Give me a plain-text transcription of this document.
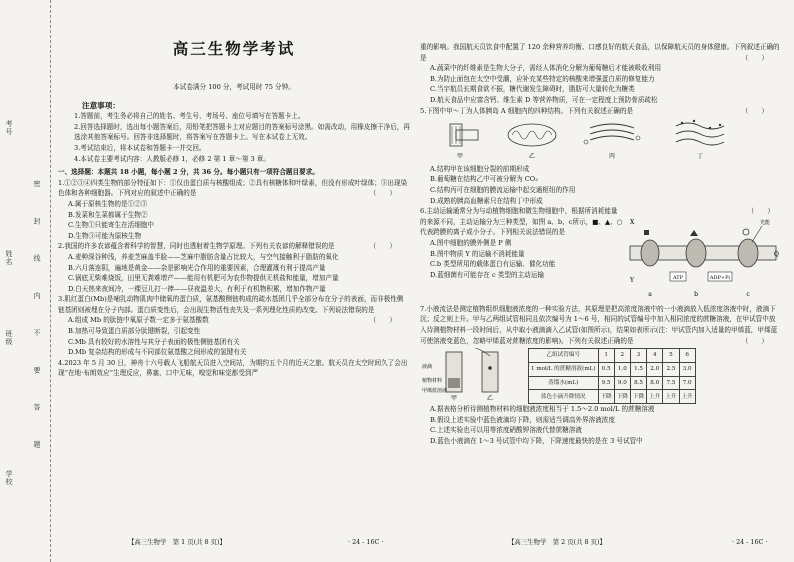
考号
姓名
班级
学校
密 封 线 内 不 要 答 题
高三生物学考试
本试卷满分 100 分，考试用时 75 分钟。
注意事项：

1.答题前，考生务必将自己的姓名、考生号、考场号、座位号填写在答题卡上。

2.回答选择题时，选出每小题答案后，用铅笔把答题卡上对应题目的答案标号涂黑。如需改动，用橡皮擦干净后，再选涂其他答案标号。回答非选择题时，将答案写在答题卡上。写在本试卷上无效。

3.考试结束后，将本试卷和答题卡一并交回。

4.本试卷主要考试内容：人教版必修 1，必修 2 第 1 章～第 3 章。

一、选择题：本题共 18 小题，每小题 2 分，共 36 分。每小题只有一项符合题目要求。

1.①②③④四类生物的部分特征如下：①仅由蛋白质与核酸组成；②具有核糖体和叶绿素，但没有形成叶绿体；③出现染色体和各种细胞器。下列对应的叙述中正确的是	（　　）

A.属于原核生物的是①②③

B.发菜和生菜都属于生物②

C.生物①只能寄生在活细胞中

D.生物③可能为原核生物

2.我国的许多农谚蕴含着科学的智慧，同时也透射着生物学原理。下列有关农谚的解释错误的是	（　　）

A.麦种深谷种浅，养麦芝麻盖半脸——芝麻中脂肪含量占比较大，与空气接触利于脂肪的氧化

B.六月落连阴，遍地是黄金——杂是影响光合作用的重要因素，合理灌溉有利于提高产量

C.锅底无柴难烧饭，田里无粪难增产——能用有机肥可为农作物提供无机盐和能量，增加产量

D.白天热来夜间冷，一棵豆儿打一捧——昼夜温差大，有利于有机物积累，增加作物产量

3.肌红蛋白(Mb)是哺乳动物肌肉中储氧的蛋白质，氨基酸侧链构成的疏水基团几乎全部分布在分子的表面，而非极性侧链基团则被埋在分子内部。蛋白质变性后，会出现生物活性丧失及一系列理化性质的改变。下列说法错误的是
（　　）

A.组成 Mb 的肽链中氧原子数一定多于氨基酸数

B.加热可导致蛋白质部分肽键断裂，引起变性

C.Mb 具有较好的水溶性与其分子表面的极性侧链基团有关

D.Mb 复杂结构的形成与不同部位氨基酸之间形成的氢键有关

4.2023 年 5 月 30 日，神舟十六号载人飞船航天员进入空间站，为期约五个月的近天之旅。航天员在太空时间久了会出现“在地·布朗效应”生理反应，鼻塞，口中无味，嗅觉和味觉都受到严

【高三生物学　第 1 页(共 8 页)】	· 24 - 16C ·

重的影响。我国航天员饮食中配置了 120 余种营养均衡、口感良好的航天食品，以保障航天员的身体健康。下列叙述正确的是	（　　）

A.蔬菜中的纤维素是生物大分子，需经人体消化分解为葡萄糖后才能被吸收利用

B.为防止面包在太空中受潮，应补充某些特定的核酸来增强蛋白质的修复能力

C.当宇航员长期食欲不振，糖代谢发生障碍时，脂肪可大量转化为糖类

D.航天食品中应富含钙、维生素 D 等营养物质，可在一定程度上预防骨质疏松

5.下图中甲～丁为人体胰岛 A 细胞内的四种结构。下列有关叙述正确的是	（　　）

甲	乙	丙	丁

A.结构甲在该细胞分裂的前期形成

B.葡萄糖在结构乙中可被分解为 CO₂

C.结构丙可在细胞的膜流运输中起交通枢纽的作用

D.成熟的胰高血糖素只在结构丁中形成

6.主动运输通常分为与动植物细胞和微生物细胞中，根据所消耗能量的来源不同，主动运输分为三种类型，如图 a、b、c所示，■、▲、○代表跨膜的离子或小分子。下列相关说法错误的是

A.图中细胞的膜外侧是 P 侧

B.图中物质 Y 的运输不消耗能量

C.b 类型所用的载体蛋白有运输、催化功能

D.蓝细菌有可能存在 c 类型的主动运输

（　　）
ATP	ADP+Pi
光能
X
Y
Q
a	b	c

7.小液流法是测定植物组织细胞液浓度的一种实验方法，其原理是把高浓度溶液中的一小液滴放入低浓度溶液中时，液滴下沉；反之则上升。甲与乙两组试管相同且依次编号为 1～6 号，相同的试管编号中加入相同浓度的蔗糖溶液，在甲试管中放入待测植物材料一段时间后，从中取小液滴滴入乙试管(如图所示)，结果如表所示(注：甲试管内加入适量的甲烯蓝，甲烯蓝可使溶液变蓝色，忽略甲烯蓝对蔗糖浓度的影响)。下列有关叙述正确的是	（　　）

液滴
甲	乙
植物材料
甲烯蓝溶液
乙组试管编号	1	2	3	4	5	6
1 mol/L 的蔗糖溶液(mL)	0.5	1.0	1.5	2.0	2.5	3.0
蒸馏水(mL)	9.5	9.0	8.5	8.0	7.5	7.0
蓝色小滴升降情况	下降	下降	下降	上升	上升	上升

A.据表格分析待测植物材料的细胞液浓度相当于 1.5～2.0 mol/L 的蔗糖溶液

B.假设上述实验中蓝色液滴均下降，则需适当调高外界溶液浓度

C.上述实验也可以用等浓度硝酸钾溶液代替蔗糖溶液

D.蓝色小液滴在 1～3 号试管中均下降，下降速度最快的是在 3 号试管中

【高三生物学　第 2 页(共 8 页)】	· 24 - 16C ·
